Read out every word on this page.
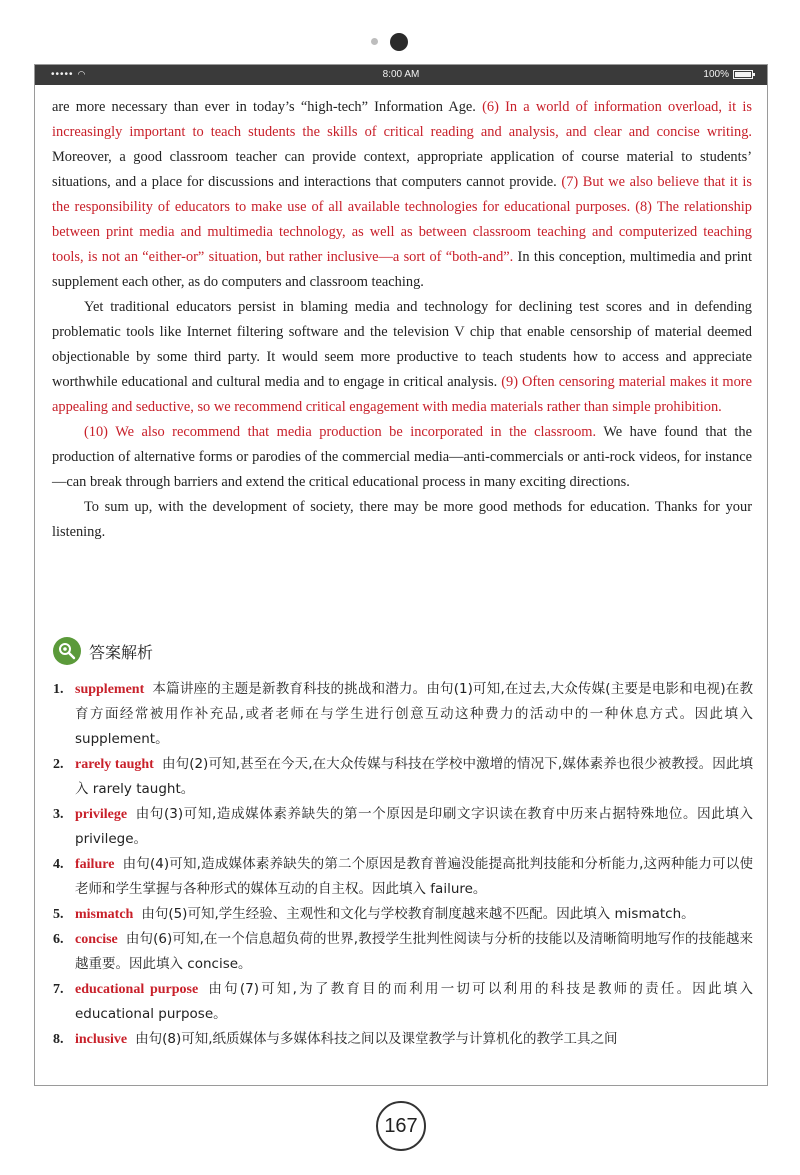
••••• ◠	8:00 AM	100%

are more necessary than ever in today’s “high-tech” Information Age. (6) In a world of information overload, it is increasingly important to teach students the skills of critical reading and analysis, and clear and concise writing. Moreover, a good classroom teacher can provide context, appropriate application of course material to students’ situations, and a place for discussions and interactions that computers cannot provide. (7) But we also believe that it is the responsibility of educators to make use of all available technologies for educational purposes. (8) The relationship between print media and multimedia technology, as well as between classroom teaching and computerized teaching tools, is not an “either-or” situation, but rather inclusive—a sort of “both-and”. In this conception, multimedia and print supplement each other, as do computers and classroom teaching.

Yet traditional educators persist in blaming media and technology for declining test scores and in defending problematic tools like Internet filtering software and the television V chip that enable censorship of material deemed objectionable by some third party. It would seem more productive to teach students how to access and appreciate worthwhile educational and cultural media and to engage in critical analysis. (9) Often censoring material makes it more appealing and seductive, so we recommend critical engagement with media materials rather than simple prohibition.

(10) We also recommend that media production be incorporated in the classroom. We have found that the production of alternative forms or parodies of the commercial media—anti-commercials or anti-rock videos, for instance—can break through barriers and extend the critical educational process in many exciting directions.

To sum up, with the development of society, there may be more good methods for education. Thanks for your listening.

答案解析
1. supplement 本篇讲座的主题是新教育科技的挑战和潜力。由句(1)可知,在过去,大众传媒(主要是电影和电视)在教育方面经常被用作补充品,或者老师在与学生进行创意互动这种费力的活动中的一种休息方式。因此填入 supplement。
2. rarely taught 由句(2)可知,甚至在今天,在大众传媒与科技在学校中激增的情况下,媒体素养也很少被教授。因此填入 rarely taught。
3. privilege 由句(3)可知,造成媒体素养缺失的第一个原因是印刷文字识读在教育中历来占据特殊地位。因此填入 privilege。
4. failure 由句(4)可知,造成媒体素养缺失的第二个原因是教育普遍没能提高批判技能和分析能力,这两种能力可以使老师和学生掌握与各种形式的媒体互动的自主权。因此填入 failure。
5. mismatch 由句(5)可知,学生经验、主观性和文化与学校教育制度越来越不匹配。因此填入 mismatch。
6. concise 由句(6)可知,在一个信息超负荷的世界,教授学生批判性阅读与分析的技能以及清晰简明地写作的技能越来越重要。因此填入 concise。
7. educational purpose 由句(7)可知,为了教育目的而利用一切可以利用的科技是教师的责任。因此填入 educational purpose。
8. inclusive 由句(8)可知,纸质媒体与多媒体科技之间以及课堂教学与计算机化的教学工具之间
167
